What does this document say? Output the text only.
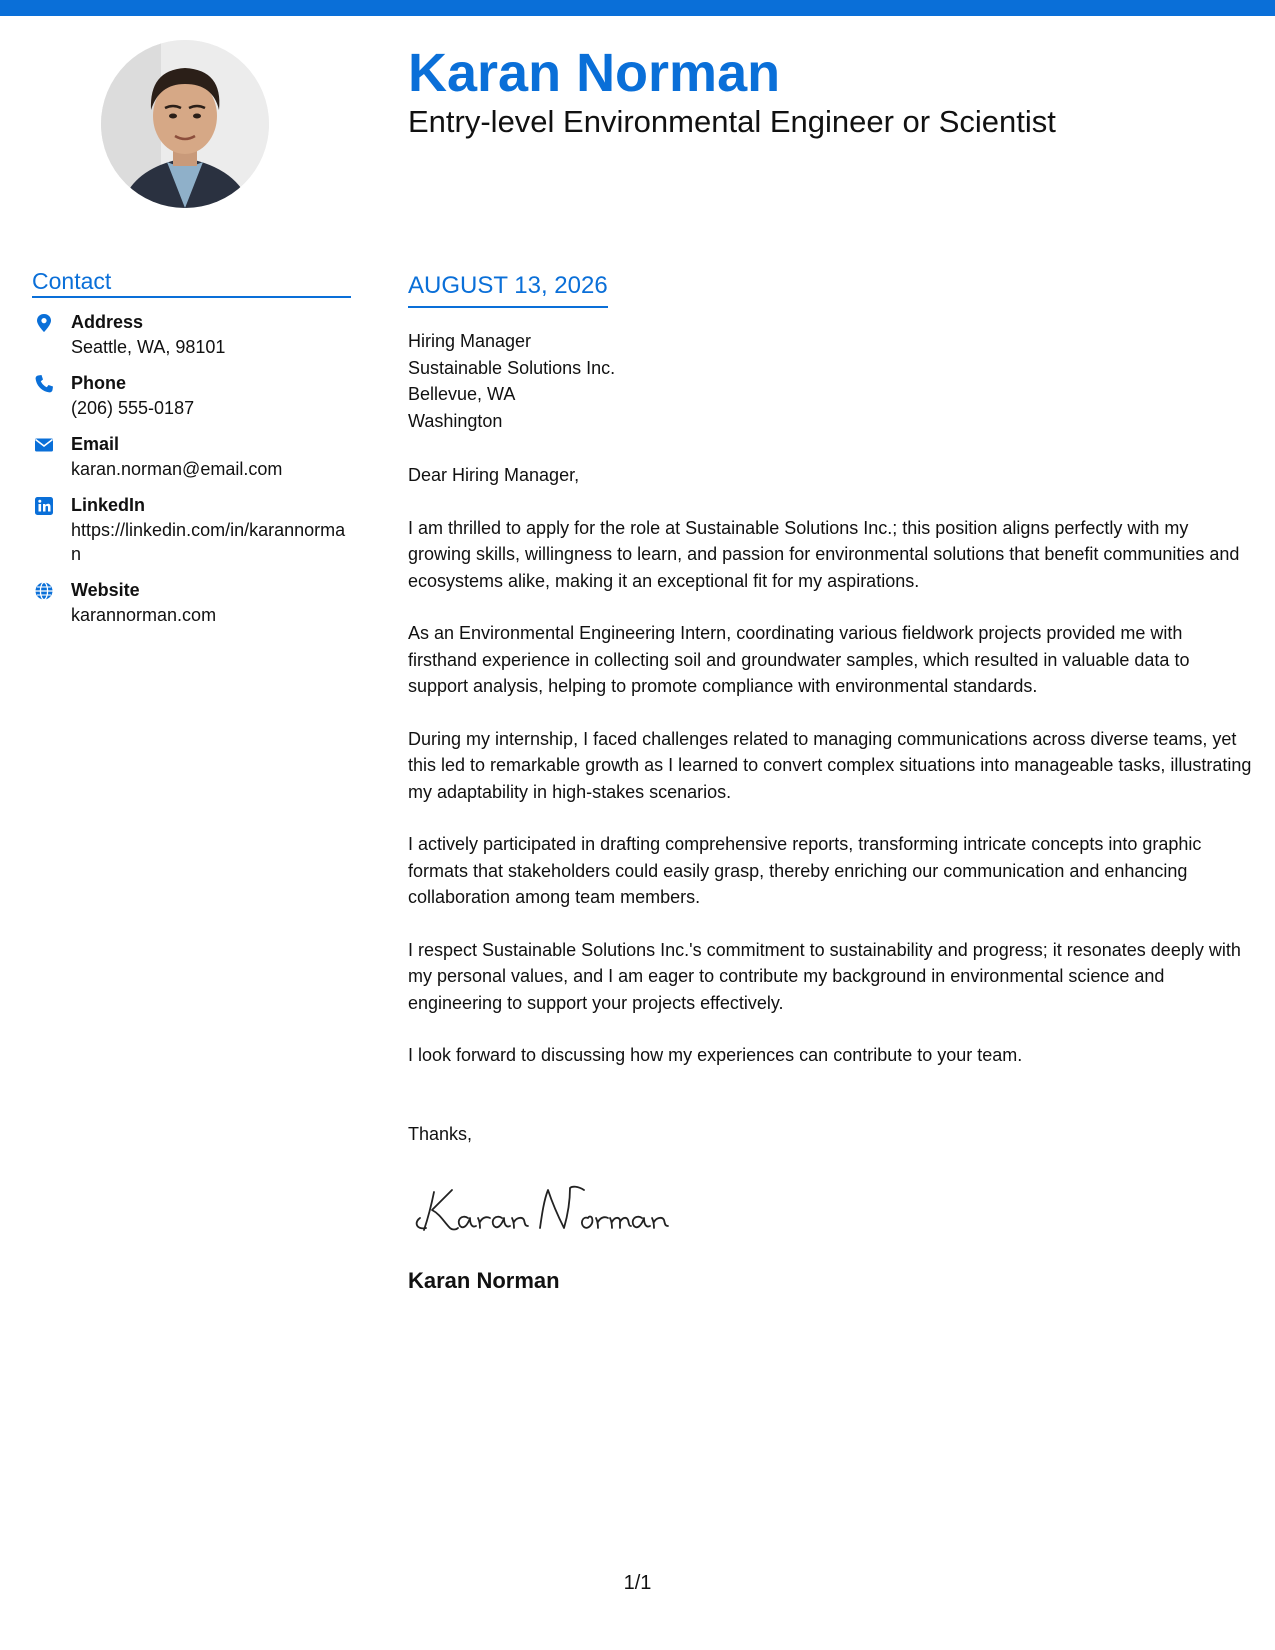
Karan Norman
Entry-level Environmental Engineer or Scientist
Contact
Address
Seattle, WA, 98101
Phone
(206) 555-0187
Email
karan.norman@email.com
LinkedIn
https://linkedin.com/in/karannorman
Website
karannorman.com
AUGUST 13, 2026
Hiring Manager
Sustainable Solutions Inc.
Bellevue, WA
Washington

Dear Hiring Manager,

I am thrilled to apply for the role at Sustainable Solutions Inc.; this position aligns perfectly with my growing skills, willingness to learn, and passion for environmental solutions that benefit communities and ecosystems alike, making it an exceptional fit for my aspirations.

As an Environmental Engineering Intern, coordinating various fieldwork projects provided me with firsthand experience in collecting soil and groundwater samples, which resulted in valuable data to support analysis, helping to promote compliance with environmental standards.

During my internship, I faced challenges related to managing communications across diverse teams, yet this led to remarkable growth as I learned to convert complex situations into manageable tasks, illustrating my adaptability in high-stakes scenarios.

I actively participated in drafting comprehensive reports, transforming intricate concepts into graphic formats that stakeholders could easily grasp, thereby enriching our communication and enhancing collaboration among team members.

I respect Sustainable Solutions Inc.'s commitment to sustainability and progress; it resonates deeply with my personal values, and I am eager to contribute my background in environmental science and engineering to support your projects effectively.

I look forward to discussing how my experiences can contribute to your team.

Thanks,
Karan Norman
1/1
